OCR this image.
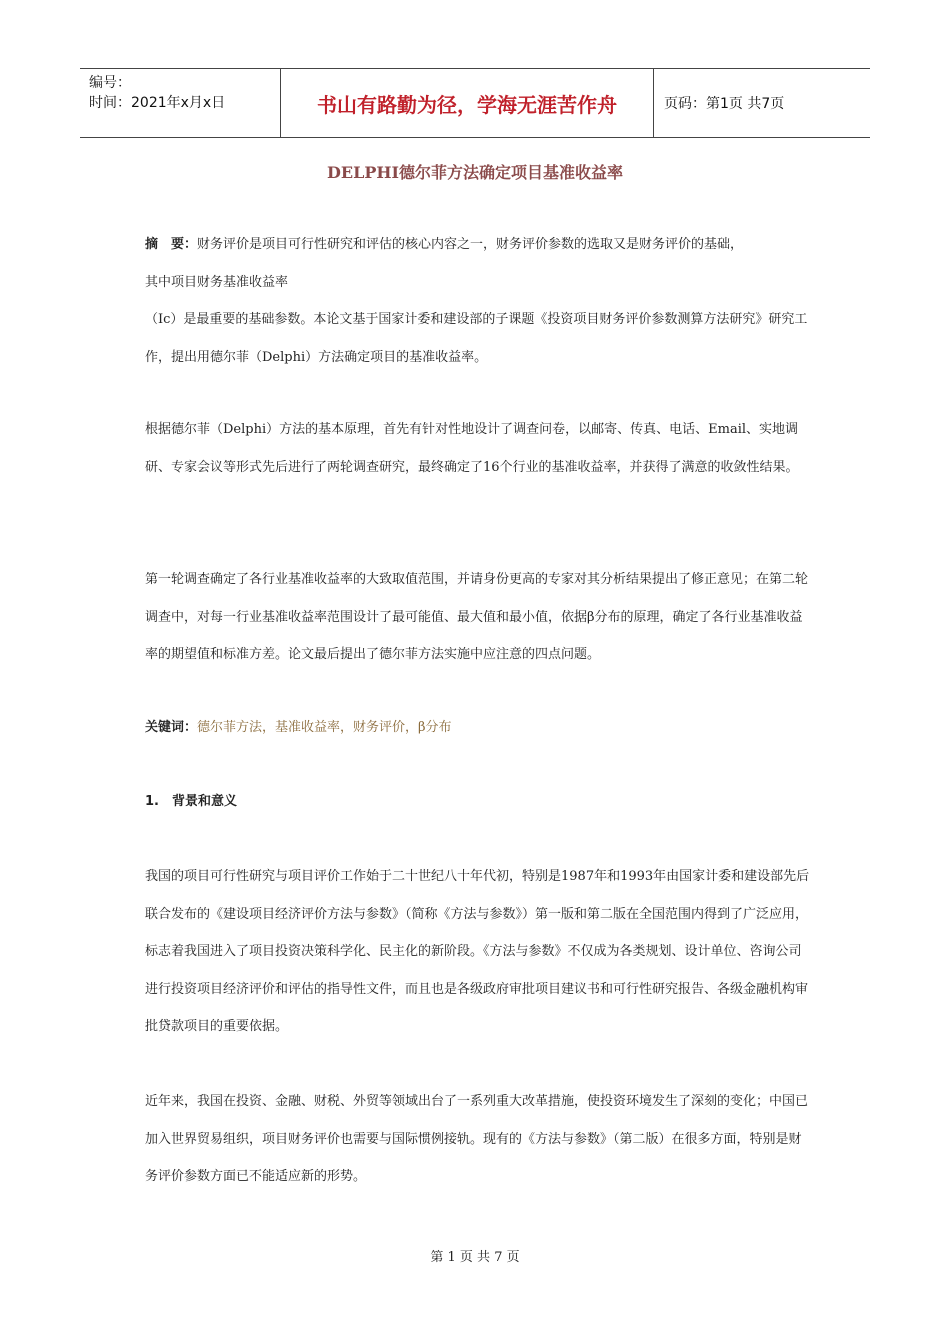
编号：
时间：2021年x月x日	书山有路勤为径，学海无涯苦作舟	页码：第1页 共7页
DELPHI德尔菲方法确定项目基准收益率
摘　要：财务评价是项目可行性研究和评估的核心内容之一，财务评价参数的选取又是财务评价的基础，
其中项目财务基准收益率
（Ic）是最重要的基础参数。本论文基于国家计委和建设部的子课题《投资项目财务评价参数测算方法研究》研究工作，提出用德尔菲（Delphi）方法确定项目的基准收益率。

根据德尔菲（Delphi）方法的基本原理，首先有针对性地设计了调查问卷，以邮寄、传真、电话、Email、实地调研、专家会议等形式先后进行了两轮调查研究，最终确定了16个行业的基准收益率，并获得了满意的收敛性结果。

第一轮调查确定了各行业基准收益率的大致取值范围，并请身份更高的专家对其分析结果提出了修正意见；在第二轮调查中，对每一行业基准收益率范围设计了最可能值、最大值和最小值，依据β分布的原理，确定了各行业基准收益率的期望值和标准方差。论文最后提出了德尔菲方法实施中应注意的四点问题。

关键词：德尔菲方法，基准收益率，财务评价，β分布
1.　背景和意义

我国的项目可行性研究与项目评价工作始于二十世纪八十年代初，特别是1987年和1993年由国家计委和建设部先后联合发布的《建设项目经济评价方法与参数》（简称《方法与参数》）第一版和第二版在全国范围内得到了广泛应用，标志着我国进入了项目投资决策科学化、民主化的新阶段。《方法与参数》不仅成为各类规划、设计单位、咨询公司进行投资项目经济评价和评估的指导性文件，而且也是各级政府审批项目建议书和可行性研究报告、各级金融机构审批贷款项目的重要依据。

近年来，我国在投资、金融、财税、外贸等领域出台了一系列重大改革措施，使投资环境发生了深刻的变化；中国已加入世界贸易组织，项目财务评价也需要与国际惯例接轨。现有的《方法与参数》（第二版）在很多方面，特别是财务评价参数方面已不能适应新的形势。

第 1 页 共 7 页
